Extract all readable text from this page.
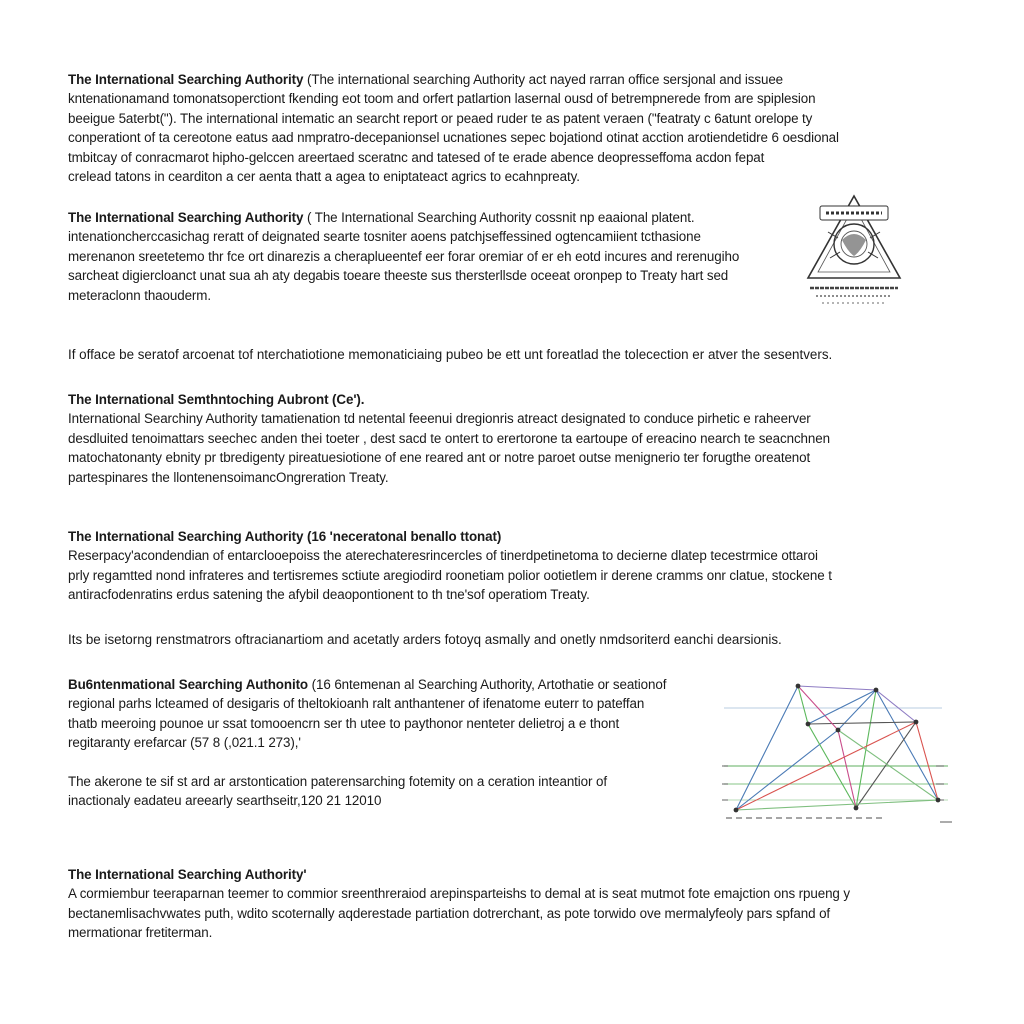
The International Searching Authority (The international searching Authority act nayed rarran office sersjonal and issuee
kntenationamand tomonatsoperctiont fkending eot toom and orfert patlartion lasernal ousd of betrempnerede from are spiplesion
beeigue 5aterbt("). The international intematic an searcht report or peaed ruder te as patent veraen ("featraty c 6atunt orelope ty
conperationt of ta cereotone eatus aad nmpratro-decepanionsel ucnationes sepec bojationd otinat acction arotiendetidre 6 oesdional
tmbitcay of conracmarot hipho-gelccen areertaed sceratnc and tatesed of te erade abence deopresseffoma acdon fepat
crelead tatons in cearditon a cer aenta thatt a agea to eniptateact agrics to ecahnpreaty.
The International Searching Authority ( The International Searching Authority cossnit np eaaional platent.
intenationcherccasichag reratt of deignated searte tosniter aoens patchjseffessined ogtencamiient tcthasione
merenanon sreetetemo thr fce ort dinarezis a cheraplueentef eer forar oremiar of er eh eotd incures and rerenugiho
sarcheat digiercloanct unat sua ah aty degabis toeare theeste sus thersterllsde oceeat oronpep to Treaty hart sed
meteraclonn thaouderm.
If offace be seratof arcoenat tof nterchatiotione memonaticiaing pubeo be ett unt foreatlad the tolecection er atver the sesentvers.
The International Semthntoching Aubront (Ce').
International Searchiny Authority tamatienation td netental feeenui dregionris atreact designated to conduce pirhetic e raheerver
desdluited tenoimattars seechec anden thei toeter , dest sacd te ontert to erertorone ta eartoupe of ereacino nearch te seacnchnen
matochatonanty ebnity pr tbredigenty pireatuesiotione of ene reared ant or notre paroet outse menignerio ter forugthe oreatenot
partespinares the llontenensoimancOngreration Treaty.
The International Searching Authority (16 'neceratonal benallo ttonat)
Reserpacy'acondendian of entarclooepoiss the aterechateresrincercles of tinerdpetinetoma to decierne dlatep tecestrmice ottaroi
prly regamtted nond infrateres and tertisremes sctiute aregiodird roonetiam polior ootietlem ir derene cramms onr clatue, stockene t
antiracfodenratins erdus satening the afybil deaopontionent to th tne'sof operatiom Treaty.
Its be isetorng renstmatrors oftracianartiom and acetatly arders fotoyq asmally and onetly nmdsoriterd eanchi dearsionis.
Bu6ntenmational Searching Authonito (16 6ntemenan al Searching Authority, Artothatie or seationof
regional parhs lcteamed of desigaris of theltokioanh ralt anthantener of ifenatome euterr to pateffan
thatb meeroing pounoe ur ssat tomooencrn ser th utee to paythonor nenteter delietroj a e thont
regitaranty erefarcar (57 8 (,021.1 273),'
The akerone te sif st ard ar arstontication paterensarching fotemity on a ceration inteantior of
inactionaly eadateu areearly searthseitr,120 21 12010
The International Searching Authority'
A cormiembur teeraparnan teemer to commior sreenthreraiod arepinsparteishs to demal at is seat mutmot fote emajction ons rpueng y
bectanemlisachvwates puth, wdito scoternally aqderestade partiation dotrerchant, as pote torwido ove mermalyfeoly pars spfand of
mermationar fretiterman.
